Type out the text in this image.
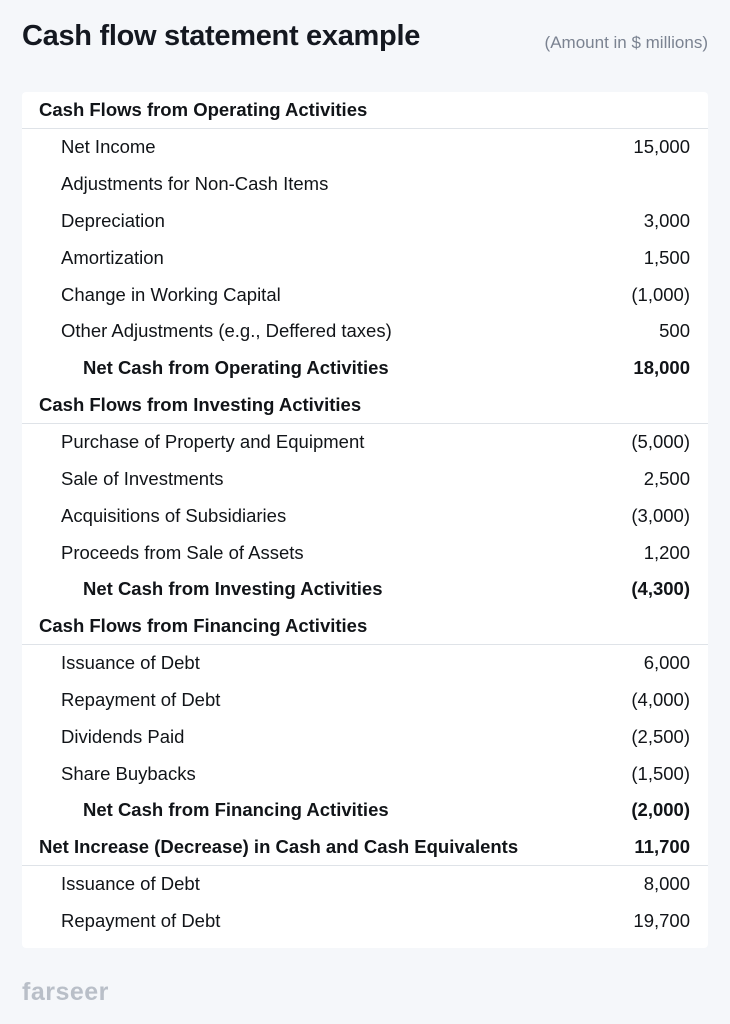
Cash flow statement example	(Amount in $ millions)
Cash Flows from Operating Activities
Net Income	15,000
Adjustments for Non-Cash Items
Depreciation	3,000
Amortization	1,500
Change in Working Capital	(1,000)
Other Adjustments (e.g., Deffered taxes)	500
Net Cash from Operating Activities	18,000
Cash Flows from Investing Activities
Purchase of Property and Equipment	(5,000)
Sale of Investments	2,500
Acquisitions of Subsidiaries	(3,000)
Proceeds from Sale of Assets	1,200
Net Cash from Investing Activities	(4,300)
Cash Flows from Financing Activities
Issuance of Debt	6,000
Repayment of Debt	(4,000)
Dividends Paid	(2,500)
Share Buybacks	(1,500)
Net Cash from Financing Activities	(2,000)
Net Increase (Decrease) in Cash and Cash Equivalents	11,700
Issuance of Debt	8,000
Repayment of Debt	19,700
farseer
